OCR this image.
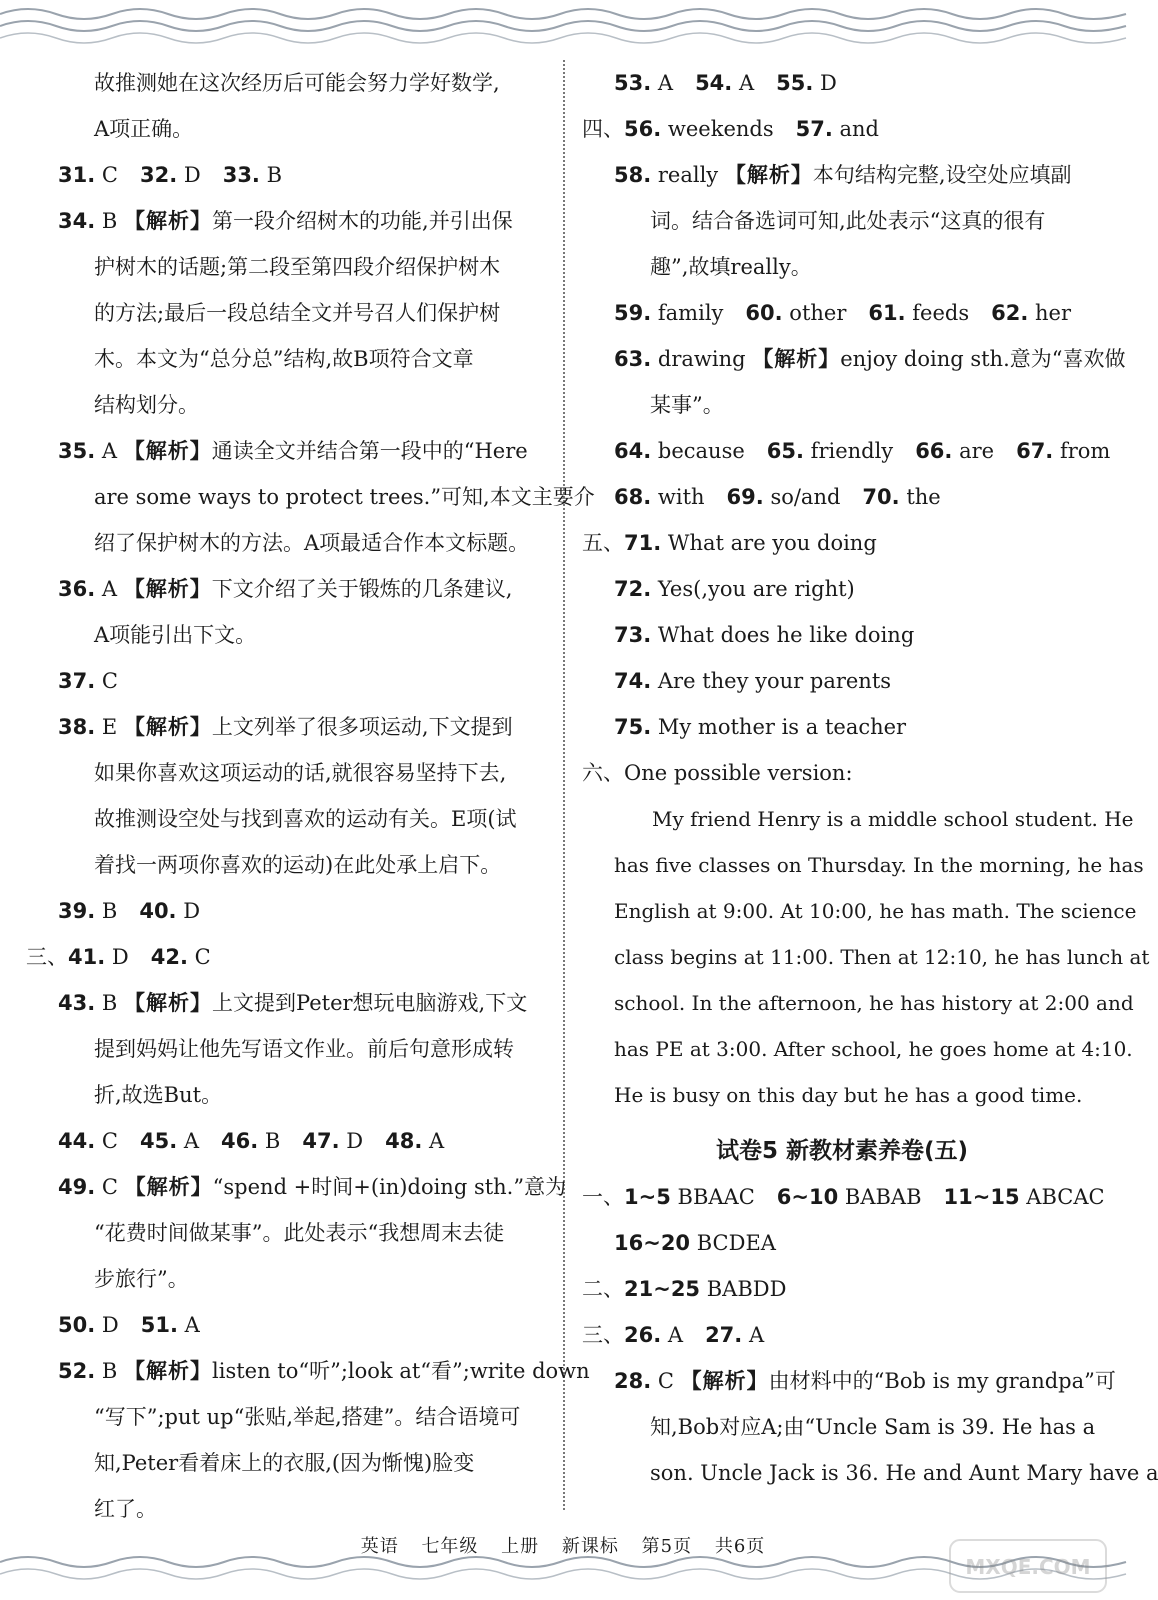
故推测她在这次经历后可能会努力学好数学,
A项正确。
31. C 32. D 33. B
34. B 【解析】第一段介绍树木的功能,并引出保
护树木的话题;第二段至第四段介绍保护树木
的方法;最后一段总结全文并号召人们保护树
木。本文为“总分总”结构,故B项符合文章
结构划分。
35. A 【解析】通读全文并结合第一段中的“Here
are some ways to protect trees.”可知,本文主要介
绍了保护树木的方法。A项最适合作本文标题。
36. A 【解析】下文介绍了关于锻炼的几条建议,
A项能引出下文。
37. C
38. E 【解析】上文列举了很多项运动,下文提到
如果你喜欢这项运动的话,就很容易坚持下去,
故推测设空处与找到喜欢的运动有关。E项(试
着找一两项你喜欢的运动)在此处承上启下。
39. B 40. D
三、41. D 42. C
43. B 【解析】上文提到Peter想玩电脑游戏,下文
提到妈妈让他先写语文作业。前后句意形成转
折,故选But。
44. C 45. A 46. B 47. D 48. A
49. C 【解析】“spend +时间+(in)doing sth.”意为
“花费时间做某事”。此处表示“我想周末去徒
步旅行”。
50. D 51. A
52. B 【解析】listen to“听”;look at“看”;write down
“写下”;put up“张贴,举起,搭建”。结合语境可
知,Peter看着床上的衣服,(因为惭愧)脸变
红了。
53. A 54. A 55. D
四、56. weekends 57. and
58. really 【解析】本句结构完整,设空处应填副
词。结合备选词可知,此处表示“这真的很有
趣”,故填really。
59. family 60. other 61. feeds 62. her
63. drawing 【解析】enjoy doing sth.意为“喜欢做
某事”。
64. because 65. friendly 66. are 67. from
68. with 69. so/and 70. the
五、71. What are you doing
72. Yes(,you are right)
73. What does he like doing
74. Are they your parents
75. My mother is a teacher
六、One possible version:
My friend Henry is a middle school student. He
has five classes on Thursday. In the morning, he has
English at 9:00. At 10:00, he has math. The science
class begins at 11:00. Then at 12:10, he has lunch at
school. In the afternoon, he has history at 2:00 and
has PE at 3:00. After school, he goes home at 4:10.
He is busy on this day but he has a good time.
试卷5 新教材素养卷(五)
一、1~5 BBAAC 6~10 BABAB 11~15 ABCAC
16~20 BCDEA
二、21~25 BABDD
三、26. A 27. A
28. C 【解析】由材料中的“Bob is my grandpa”可
知,Bob对应A;由“Uncle Sam is 39. He has a
son. Uncle Jack is 36. He and Aunt Mary have a
英语 七年级 上册 新课标 第5页 共6页
MXQE.COM
